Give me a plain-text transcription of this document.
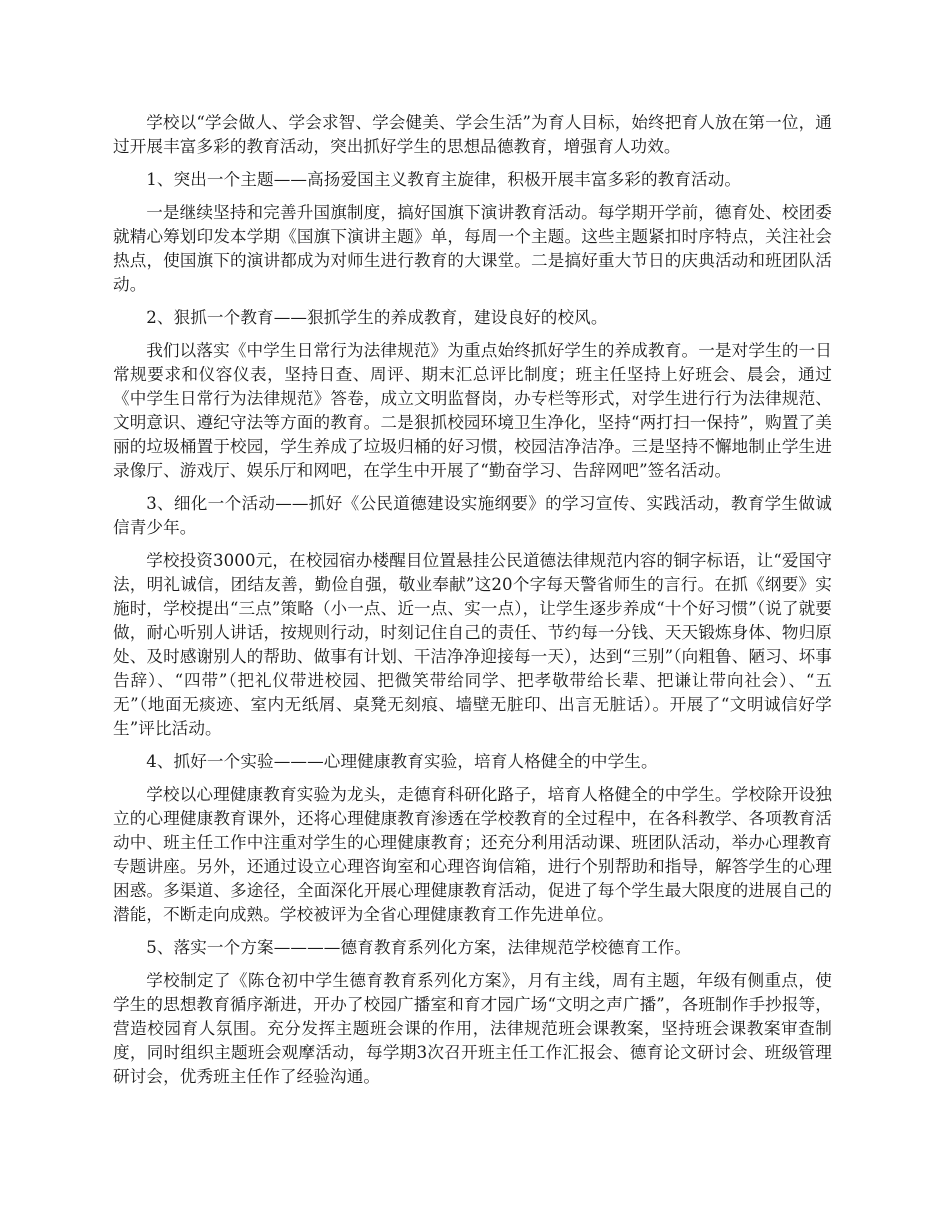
学校以“学会做人、学会求智、学会健美、学会生活”为育人目标，始终把育人放在第一位，通过开展丰富多彩的教育活动，突出抓好学生的思想品德教育，增强育人功效。

1、突出一个主题——高扬爱国主义教育主旋律，积极开展丰富多彩的教育活动。

一是继续坚持和完善升国旗制度，搞好国旗下演讲教育活动。每学期开学前，德育处、校团委就精心筹划印发本学期《国旗下演讲主题》单，每周一个主题。这些主题紧扣时序特点，关注社会热点，使国旗下的演讲都成为对师生进行教育的大课堂。二是搞好重大节日的庆典活动和班团队活动。

2、狠抓一个教育——狠抓学生的养成教育，建设良好的校风。

我们以落实《中学生日常行为法律规范》为重点始终抓好学生的养成教育。一是对学生的一日常规要求和仪容仪表，坚持日查、周评、期末汇总评比制度；班主任坚持上好班会、晨会，通过《中学生日常行为法律规范》答卷，成立文明监督岗，办专栏等形式，对学生进行行为法律规范、文明意识、遵纪守法等方面的教育。二是狠抓校园环境卫生净化，坚持“两打扫一保持”，购置了美丽的垃圾桶置于校园，学生养成了垃圾归桶的好习惯，校园洁净洁净。三是坚持不懈地制止学生进录像厅、游戏厅、娱乐厅和网吧，在学生中开展了“勤奋学习、告辞网吧”签名活动。

3、细化一个活动——抓好《公民道德建设实施纲要》的学习宣传、实践活动，教育学生做诚信青少年。

学校投资3000元，在校园宿办楼醒目位置悬挂公民道德法律规范内容的铜字标语，让“爱国守法，明礼诚信，团结友善，勤俭自强，敬业奉献”这20个字每天警省师生的言行。在抓《纲要》实施时，学校提出“三点”策略（小一点、近一点、实一点），让学生逐步养成“十个好习惯”（说了就要做，耐心听别人讲话，按规则行动，时刻记住自己的责任、节约每一分钱、天天锻炼身体、物归原处、及时感谢别人的帮助、做事有计划、干洁净净迎接每一天），达到“三别”（向粗鲁、陋习、坏事告辞）、“四带”（把礼仪带进校园、把微笑带给同学、把孝敬带给长辈、把谦让带向社会）、“五无”（地面无痰迹、室内无纸屑、桌凳无刻痕、墙壁无脏印、出言无脏话）。开展了“文明诚信好学生”评比活动。

4、抓好一个实验———心理健康教育实验，培育人格健全的中学生。

学校以心理健康教育实验为龙头，走德育科研化路子，培育人格健全的中学生。学校除开设独立的心理健康教育课外，还将心理健康教育渗透在学校教育的全过程中，在各科教学、各项教育活动中、班主任工作中注重对学生的心理健康教育；还充分利用活动课、班团队活动，举办心理教育专题讲座。另外，还通过设立心理咨询室和心理咨询信箱，进行个别帮助和指导，解答学生的心理困惑。多渠道、多途径，全面深化开展心理健康教育活动，促进了每个学生最大限度的进展自己的潜能，不断走向成熟。学校被评为全省心理健康教育工作先进单位。

5、落实一个方案————德育教育系列化方案，法律规范学校德育工作。

学校制定了《陈仓初中学生德育教育系列化方案》，月有主线，周有主题，年级有侧重点，使学生的思想教育循序渐进，开办了校园广播室和育才园广场“文明之声广播”，各班制作手抄报等，营造校园育人氛围。充分发挥主题班会课的作用，法律规范班会课教案，坚持班会课教案审查制度，同时组织主题班会观摩活动，每学期3次召开班主任工作汇报会、德育论文研讨会、班级管理研讨会，优秀班主任作了经验沟通。
